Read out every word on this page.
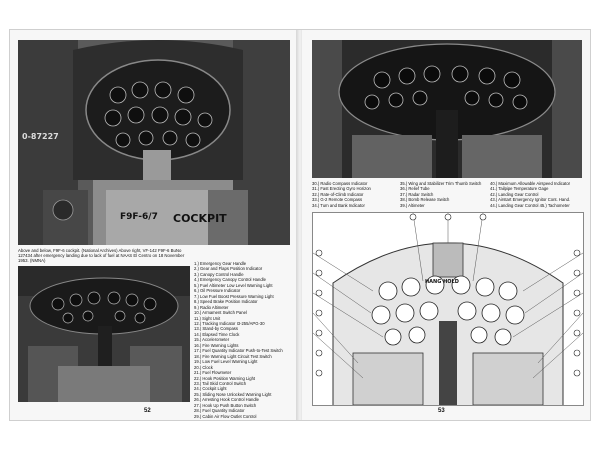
0-87227
F9F-6/7 COCKPIT
Above and below, F9F-6 cockpit. (National Archives) Above right, VF-142 F9F-6 BuNo 127434 after emergency landing due to lack of fuel at NAAS El Centro on 18 November 1953. (NMNA)
1.) Emergency Gear Handle
2.) Gear and Flaps Position Indicator
3.) Canopy Control Handle
4.) Emergency Canopy Control Handle
5.) Fuel Altimeter Low Level Warning Light
6.) Oil Pressure Indicator
7.) Low Fuel Boost Pressure Warning Light
8.) Speed Brake Position Indicator
9.) Radio Altimeter
10.) Armament Switch Panel
11.) Sight Unit
12.) Tracking Indicator I3-255/APG-30
13.) Stand-by Compass
14.) Elapsed Time Clock
15.) Accelerometer
16.) Fire Warning Lights
17.) Fuel Quantity Indicator Push-to-Test Switch
18.) Fire Warning Light Circuit Test Switch
19.) Low Fuel Level Warning Light
20.) Clock
21.) Fuel Flowmeter
22.) Hook Position Warning Light
23.) Tail Skid Control Switch
24.) Cockpit Light
25.) Sliding Nose Unlocked Warning Light
26.) Arresting Hook Control Handle
27.) Hook Up Push Button Switch
28.) Fuel Quantity Indicator
29.) Cabin Air Flow Outlet Control
52
30.) Radio Compass Indicator
31.) Fast Erecting Gyro Horizon
32.) Rate-of-Climb Indicator
33.) G-2 Remote Compass
34.) Turn and Bank Indicator
35.) Wing and Stabilizer Trim Thumb Switch
36.) Relief Tube
37.) Radar Switch
38.) Bomb Release Switch
39.) Altimeter
40.) Maximum Allowable Airspeed Indicator
41.) Tailpipe Temperature Gage
42.) Landing Gear Control
43.) Airstart Emergency Ignitor Cont. Hand.
44.) Landing Gear Control 45.) Tachometer
HANG HOLD
53
